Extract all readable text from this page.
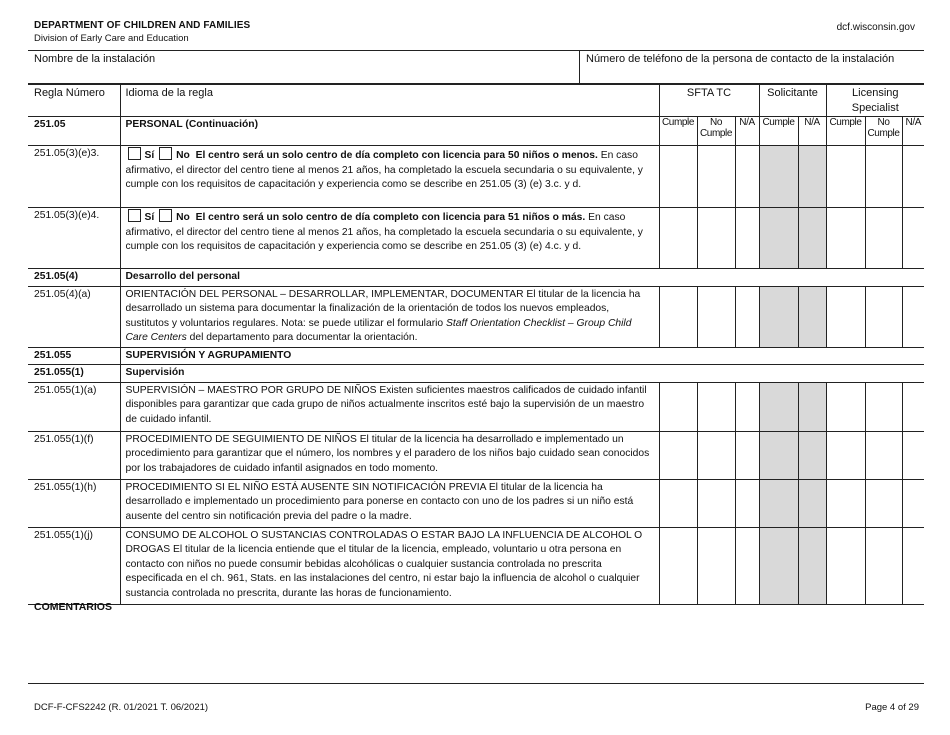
DEPARTMENT OF CHILDREN AND FAMILIES
Division of Early Care and Education
dcf.wisconsin.gov
Nombre de la instalación	Número de teléfono de la persona de contacto de la instalación
Regla Número	Idioma de la regla	SFTA TC			Solicitante		Licensing Specialist		
251.05	PERSONAL (Continuación)	Cumple	No Cumple	N/A	Cumple	N/A	Cumple	No Cumple	N/A
251.05(3)(e)3.	Sí No El centro será un solo centro de día completo con licencia para 50 niños o menos. En caso afirmativo, el director del centro tiene al menos 21 años, ha completado la escuela secundaria o su equivalente, y cumple con los requisitos de capacitación y experiencia como se describe en 251.05 (3) (e) 3.c. y d.								
251.05(3)(e)4.	Sí No El centro será un solo centro de día completo con licencia para 51 niños o más. En caso afirmativo, el director del centro tiene al menos 21 años, ha completado la escuela secundaria o su equivalente, y cumple con los requisitos de capacitación y experiencia como se describe en 251.05 (3) (e) 4.c. y d.								
251.05(4)	Desarrollo del personal								
251.05(4)(a)	ORIENTACIÓN DEL PERSONAL – DESARROLLAR, IMPLEMENTAR, DOCUMENTAR El titular de la licencia ha desarrollado un sistema para documentar la finalización de la orientación de todos los nuevos empleados, sustitutos y voluntarios regulares. Nota: se puede utilizar el formulario Staff Orientation Checklist – Group Child Care Centers del departamento para documentar la orientación.								
251.055	SUPERVISIÓN Y AGRUPAMIENTO								
251.055(1)	Supervisión								
251.055(1)(a)	SUPERVISIÓN – MAESTRO POR GRUPO DE NIÑOS Existen suficientes maestros calificados de cuidado infantil disponibles para garantizar que cada grupo de niños actualmente inscritos esté bajo la supervisión de un maestro de cuidado infantil.								
251.055(1)(f)	PROCEDIMIENTO DE SEGUIMIENTO DE NIÑOS El titular de la licencia ha desarrollado e implementado un procedimiento para garantizar que el número, los nombres y el paradero de los niños bajo cuidado sean conocidos por los trabajadores de cuidado infantil asignados en todo momento.								
251.055(1)(h)	PROCEDIMIENTO SI EL NIÑO ESTÁ AUSENTE SIN NOTIFICACIÓN PREVIA El titular de la licencia ha desarrollado e implementado un procedimiento para ponerse en contacto con uno de los padres si un niño está ausente del centro sin notificación previa del padre o la madre.								
251.055(1)(j)	CONSUMO DE ALCOHOL O SUSTANCIAS CONTROLADAS O ESTAR BAJO LA INFLUENCIA DE ALCOHOL O DROGAS El titular de la licencia entiende que el titular de la licencia, empleado, voluntario u otra persona en contacto con niños no puede consumir bebidas alcohólicas o cualquier sustancia controlada no prescrita especificada en el ch. 961, Stats. en las instalaciones del centro, ni estar bajo la influencia de alcohol o cualquier sustancia controlada no prescrita, durante las horas de funcionamiento.								
COMENTARIOS
DCF-F-CFS2242 (R. 01/2021 T. 06/2021)	Page 4 of 29
